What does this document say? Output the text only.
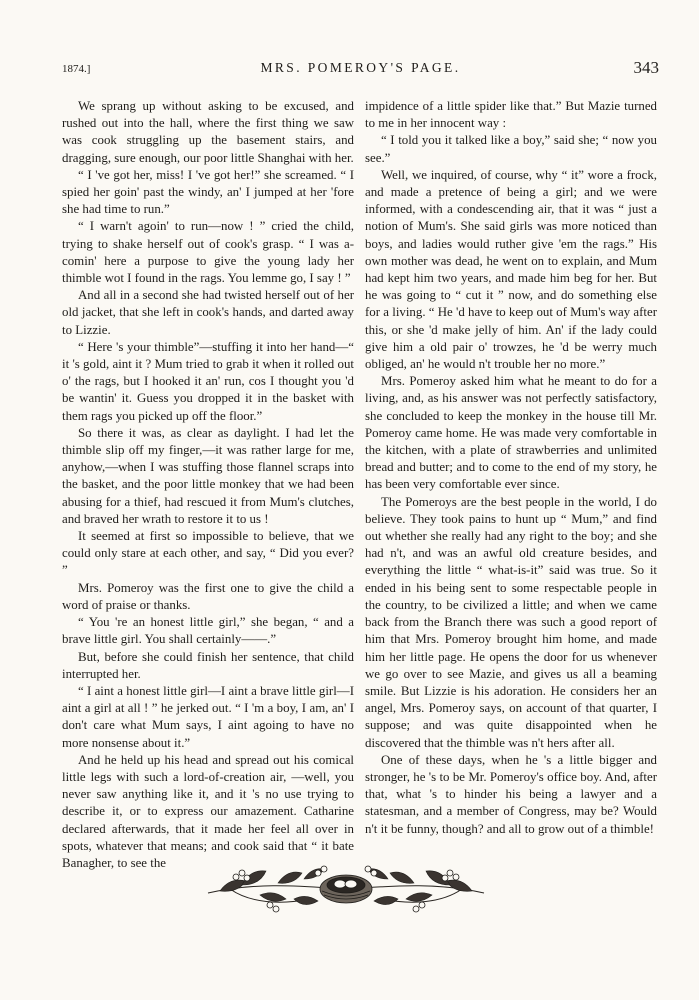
1874.]	MRS. POMEROY'S PAGE.	343

We sprang up without asking to be excused, and rushed out into the hall, where the first thing we saw was cook struggling up the basement stairs, and dragging, sure enough, our poor little Shanghai with her.

“ I 've got her, miss! I 've got her!” she screamed. “ I spied her goin' past the windy, an' I jumped at her 'fore she had time to run.”

“ I warn't agoin' to run—now ! ” cried the child, trying to shake herself out of cook's grasp. “ I was a-comin' here a purpose to give the young lady her thimble wot I found in the rags. You lemme go, I say ! ”

And all in a second she had twisted herself out of her old jacket, that she left in cook's hands, and darted away to Lizzie.

“ Here 's your thimble”—stuffing it into her hand—“ it 's gold, aint it ? Mum tried to grab it when it rolled out o' the rags, but I hooked it an' run, cos I thought you 'd be wantin' it. Guess you dropped it in the basket with them rags you picked up off the floor.”

So there it was, as clear as daylight. I had let the thimble slip off my finger,—it was rather large for me, anyhow,—when I was stuffing those flannel scraps into the basket, and the poor little monkey that we had been abusing for a thief, had rescued it from Mum's clutches, and braved her wrath to restore it to us !

It seemed at first so impossible to believe, that we could only stare at each other, and say, “ Did you ever? ”

Mrs. Pomeroy was the first one to give the child a word of praise or thanks.

“ You 're an honest little girl,” she began, “ and a brave little girl. You shall certainly——.”

But, before she could finish her sentence, that child interrupted her.

“ I aint a honest little girl—I aint a brave little girl—I aint a girl at all ! ” he jerked out. “ I 'm a boy, I am, an' I don't care what Mum says, I aint agoing to have no more nonsense about it.”

And he held up his head and spread out his comical little legs with such a lord-of-creation air, —well, you never saw anything like it, and it 's no use trying to describe it, or to express our amazement. Catharine declared afterwards, that it made her feel all over in spots, whatever that means; and cook said that “ it bate Banagher, to see the

impidence of a little spider like that.” But Mazie turned to me in her innocent way :

“ I told you it talked like a boy,” said she; “ now you see.”

Well, we inquired, of course, why “ it” wore a frock, and made a pretence of being a girl; and we were informed, with a condescending air, that it was “ just a notion of Mum's. She said girls was more noticed than boys, and ladies would ruther give 'em the rags.” His own mother was dead, he went on to explain, and Mum had kept him two years, and made him beg for her. But he was going to “ cut it ” now, and do something else for a living. “ He 'd have to keep out of Mum's way after this, or she 'd make jelly of him. An' if the lady could give him a old pair o' trowzes, he 'd be werry much obliged, an' he would n't trouble her no more.”

Mrs. Pomeroy asked him what he meant to do for a living, and, as his answer was not perfectly satisfactory, she concluded to keep the monkey in the house till Mr. Pomeroy came home. He was made very comfortable in the kitchen, with a plate of strawberries and unlimited bread and butter; and to come to the end of my story, he has been very comfortable ever since.

The Pomeroys are the best people in the world, I do believe. They took pains to hunt up “ Mum,” and find out whether she really had any right to the boy; and she had n't, and was an awful old creature besides, and everything the little “ what-is-it” said was true. So it ended in his being sent to some respectable people in the country, to be civilized a little; and when we came back from the Branch there was such a good report of him that Mrs. Pomeroy brought him home, and made him her little page. He opens the door for us whenever we go over to see Mazie, and gives us all a beaming smile. But Lizzie is his adoration. He considers her an angel, Mrs. Pomeroy says, on account of that quarter, I suppose; and was quite disappointed when he discovered that the thimble was n't hers after all.

One of these days, when he 's a little bigger and stronger, he 's to be Mr. Pomeroy's office boy. And, after that, what 's to hinder his being a lawyer and a statesman, and a member of Congress, may be? Would n't it be funny, though? and all to grow out of a thimble!
